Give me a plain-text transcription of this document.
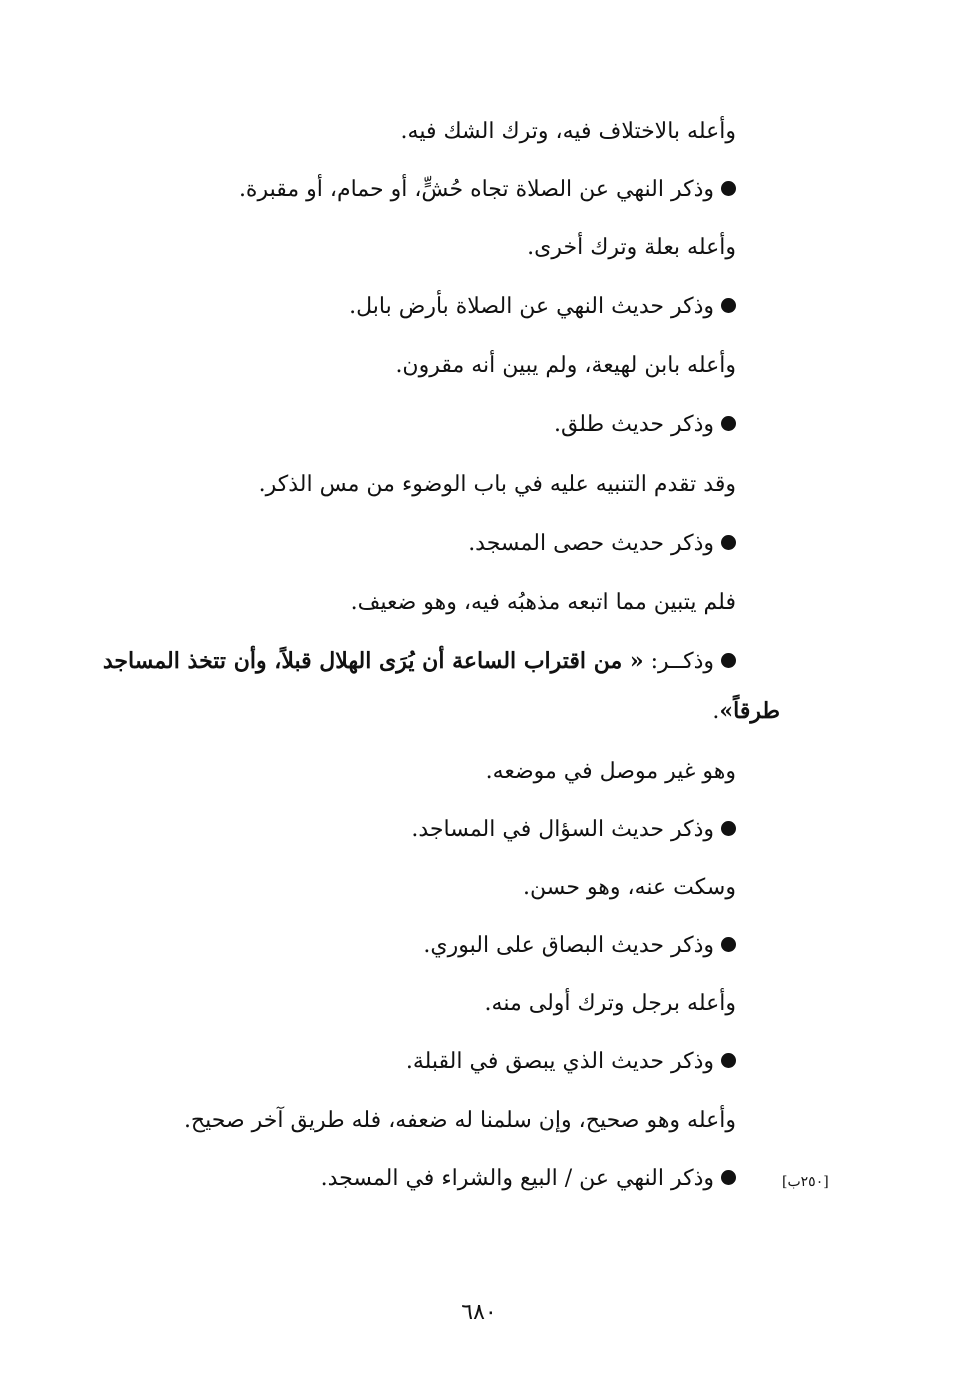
وأعله بالاختلاف فيه، وترك الشك فيه.
وذكر النهي عن الصلاة تجاه حُشٍّ، أو حمام، أو مقبرة.
وأعله بعلة وترك أخرى.
وذكر حديث النهي عن الصلاة بأرض بابل.
وأعله بابن لهيعة، ولم يبين أنه مقرون.
وذكر حديث طلق.
وقد تقدم التنبيه عليه في باب الوضوء من مس الذكر.
وذكر حديث حصى المسجد.
فلم يتبين مما اتبعه مذهبُه فيه، وهو ضعيف.
وذكــر: « من اقتراب الساعة أن يُرَى الهلال قبلاً، وأن تتخذ المساجد
طرقاً».
وهو غير موصل في موضعه.
وذكر حديث السؤال في المساجد.
وسكت عنه، وهو حسن.
وذكر حديث البصاق على البوري.
وأعله برجل وترك أولى منه.
وذكر حديث الذي يبصق في القبلة.
وأعله وهو صحيح، وإن سلمنا له ضعفه، فله طريق آخر صحيح.
وذكر النهي عن / البيع والشراء في المسجد.	[٢٥٠ب]
٦٨٠
